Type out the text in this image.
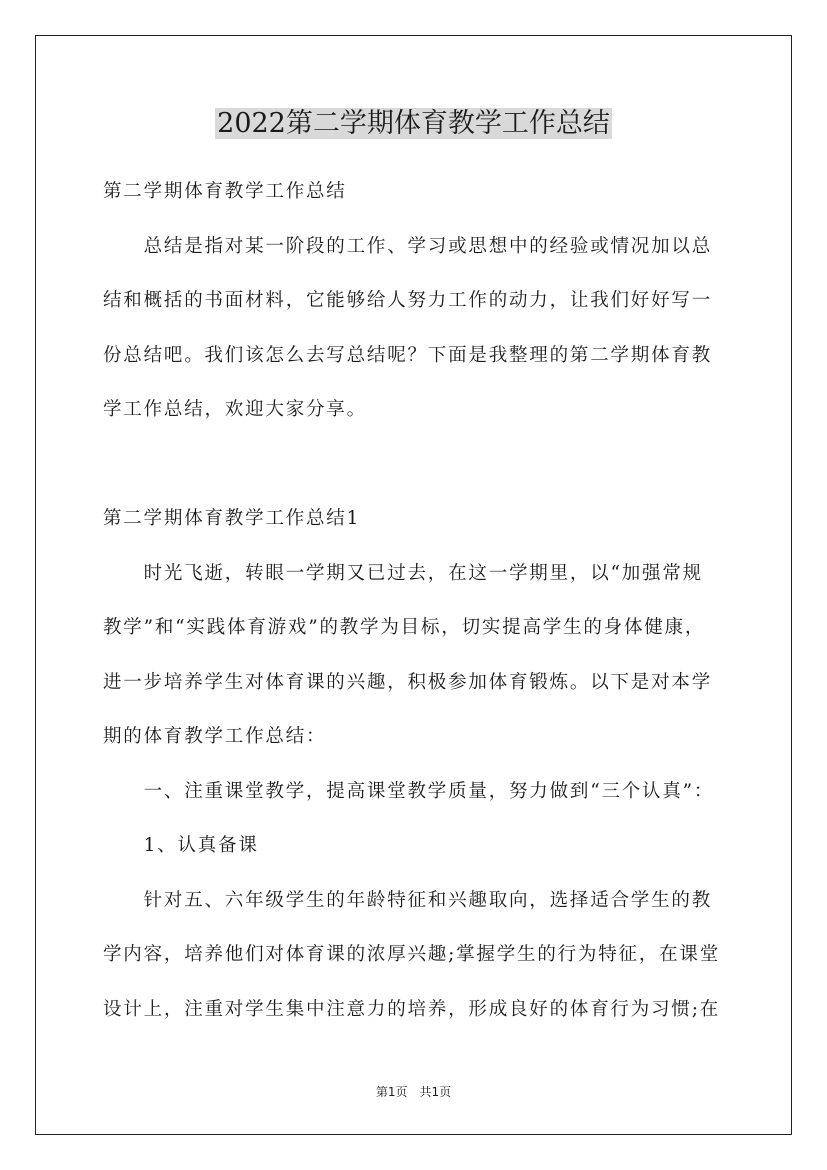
2022第二学期体育教学工作总结
第二学期体育教学工作总结
　　总结是指对某一阶段的工作、学习或思想中的经验或情况加以总
结和概括的书面材料，它能够给人努力工作的动力，让我们好好写一
份总结吧。我们该怎么去写总结呢？下面是我整理的第二学期体育教
学工作总结，欢迎大家分享。
第二学期体育教学工作总结1
　　时光飞逝，转眼一学期又已过去，在这一学期里，以“加强常规
教学”和“实践体育游戏”的教学为目标，切实提高学生的身体健康，
进一步培养学生对体育课的兴趣，积极参加体育锻炼。以下是对本学
期的体育教学工作总结：
　　一、注重课堂教学，提高课堂教学质量，努力做到“三个认真”：
　　1、认真备课
　　针对五、六年级学生的年龄特征和兴趣取向，选择适合学生的教
学内容，培养他们对体育课的浓厚兴趣;掌握学生的行为特征，在课堂
设计上，注重对学生集中注意力的培养，形成良好的体育行为习惯;在
第1页　共1页
